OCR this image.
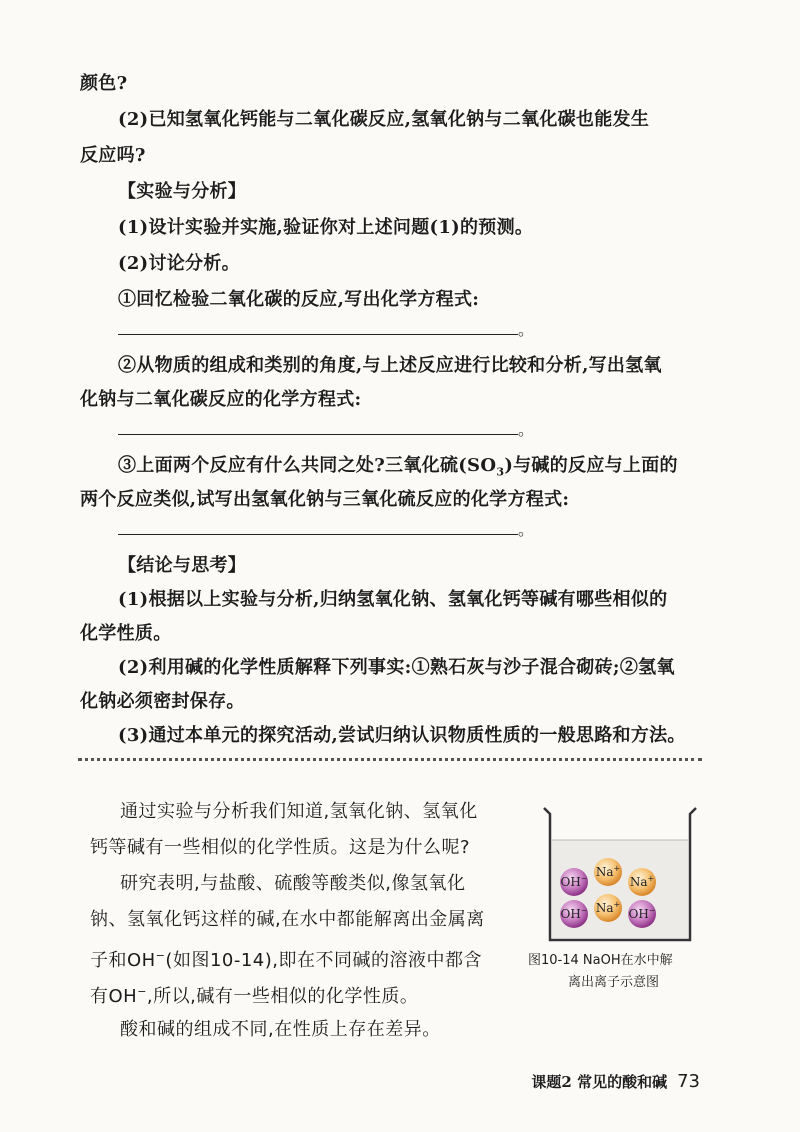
颜色?
(2)已知氢氧化钙能与二氧化碳反应,氢氧化钠与二氧化碳也能发生
反应吗?
【实验与分析】
(1)设计实验并实施,验证你对上述问题(1)的预测。
(2)讨论分析。
①回忆检验二氧化碳的反应,写出化学方程式:
。
②从物质的组成和类别的角度,与上述反应进行比较和分析,写出氢氧
化钠与二氧化碳反应的化学方程式:
。
③上面两个反应有什么共同之处?三氧化硫$(SO_3)$与碱的反应与上面的
两个反应类似,试写出氢氧化钠与三氧化硫反应的化学方程式:
。
【结论与思考】
(1)根据以上实验与分析,归纳氢氧化钠、氢氧化钙等碱有哪些相似的
化学性质。
(2)利用碱的化学性质解释下列事实:①熟石灰与沙子混合砌砖;②氢氧
化钠必须密封保存。
(3)通过本单元的探究活动,尝试归纳认识物质性质的一般思路和方法。
通过实验与分析我们知道,氢氧化钠、氢氧化
钙等碱有一些相似的化学性质。这是为什么呢?
研究表明,与盐酸、硫酸等酸类似,像氢氧化
钠、氢氧化钙这样的碱,在水中都能解离出金属离
子和OH−(如图10-14),即在不同碱的溶液中都含
有OH−,所以,碱有一些相似的化学性质。
酸和碱的组成不同,在性质上存在差异。
OH− Na+
Na+
OH− Na+
OH−
图10-14 NaOH在水中解
离出离子示意图
课题2 常见的酸和碱 73
